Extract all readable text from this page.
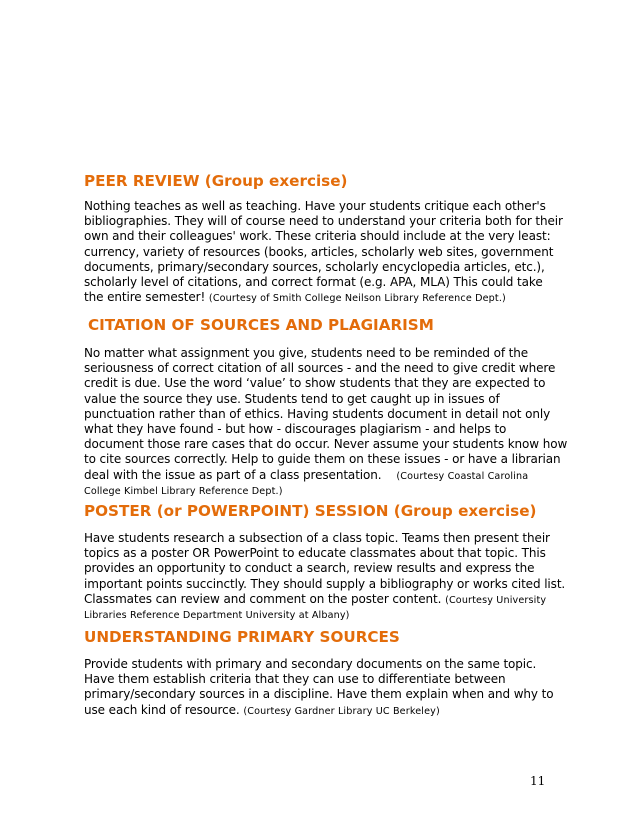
PEER REVIEW (Group exercise)

Nothing teaches as well as teaching. Have your students critique each other's
bibliographies. They will of course need to understand your criteria both for their
own and their colleagues' work. These criteria should include at the very least:
currency, variety of resources (books, articles, scholarly web sites, government
documents, primary/secondary sources, scholarly encyclopedia articles, etc.),
scholarly level of citations, and correct format (e.g. APA, MLA) This could take
the entire semester! (Courtesy of Smith College Neilson Library Reference Dept.)

CITATION OF SOURCES AND PLAGIARISM

No matter what assignment you give, students need to be reminded of the
seriousness of correct citation of all sources - and the need to give credit where
credit is due. Use the word ‘value’ to show students that they are expected to
value the source they use. Students tend to get caught up in issues of
punctuation rather than of ethics. Having students document in detail not only
what they have found - but how - discourages plagiarism - and helps to
document those rare cases that do occur. Never assume your students know how
to cite sources correctly. Help to guide them on these issues - or have a librarian
deal with the issue as part of a class presentation. (Courtesy Coastal Carolina
College Kimbel Library Reference Dept.)

POSTER (or POWERPOINT) SESSION (Group exercise)

Have students research a subsection of a class topic. Teams then present their
topics as a poster OR PowerPoint to educate classmates about that topic. This
provides an opportunity to conduct a search, review results and express the
important points succinctly. They should supply a bibliography or works cited list.
Classmates can review and comment on the poster content. (Courtesy University
Libraries Reference Department University at Albany)

UNDERSTANDING PRIMARY SOURCES

Provide students with primary and secondary documents on the same topic.
Have them establish criteria that they can use to differentiate between
primary/secondary sources in a discipline. Have them explain when and why to
use each kind of resource. (Courtesy Gardner Library UC Berkeley)

11
